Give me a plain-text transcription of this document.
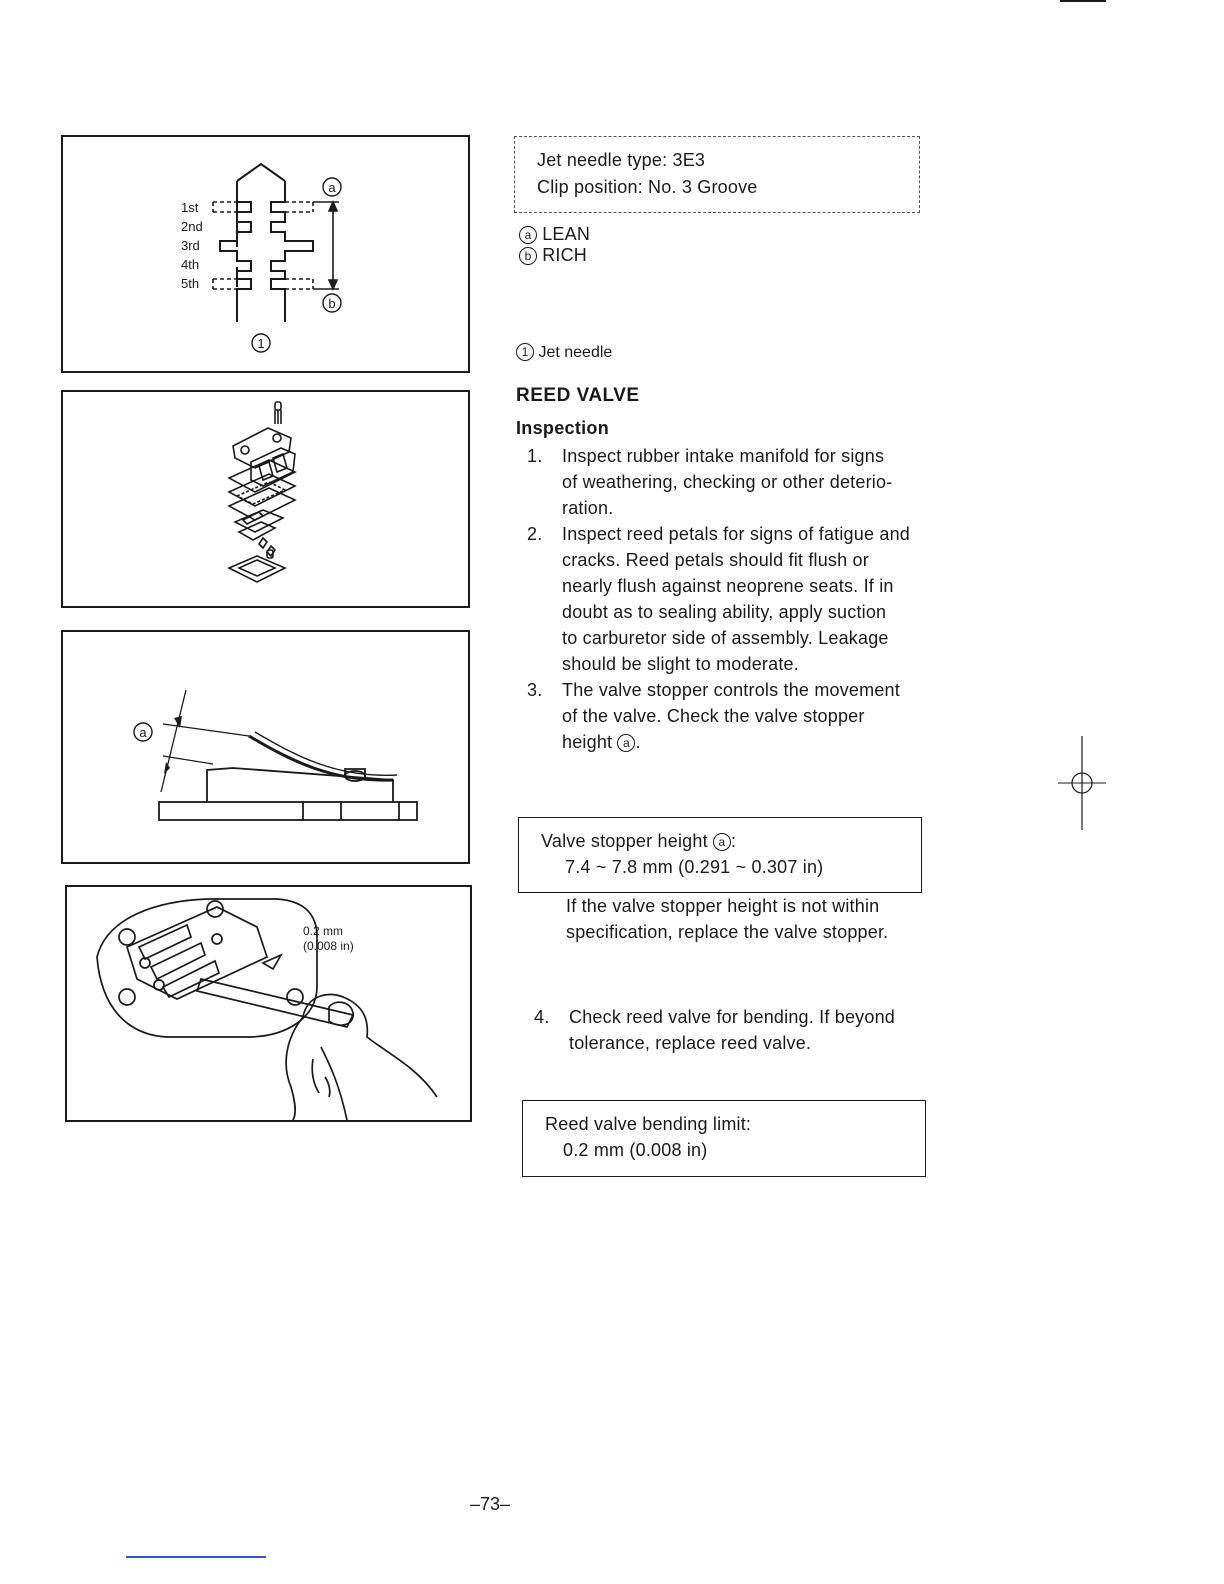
1st
2nd
3rd
4th
5th
a
b
1
a
0.2 mm
(0.008 in)
Jet needle type: 3E3
Clip position: No. 3 Groove
a LEAN
b RICH
1 Jet needle
REED VALVE
Inspection
1. Inspect rubber intake manifold for signs
of weathering, checking or other deterio-
ration.
2. Inspect reed petals for signs of fatigue and
cracks. Reed petals should fit flush or
nearly flush against neoprene seats. If in
doubt as to sealing ability, apply suction
to carburetor side of assembly. Leakage
should be slight to moderate.
3. The valve stopper controls the movement
of the valve. Check the valve stopper
height a .
Valve stopper height a :
7.4 ~ 7.8 mm (0.291 ~ 0.307 in)
If the valve stopper height is not within
specification, replace the valve stopper.
4. Check reed valve for bending. If beyond
tolerance, replace reed valve.
Reed valve bending limit:
0.2 mm (0.008 in)
–73–
